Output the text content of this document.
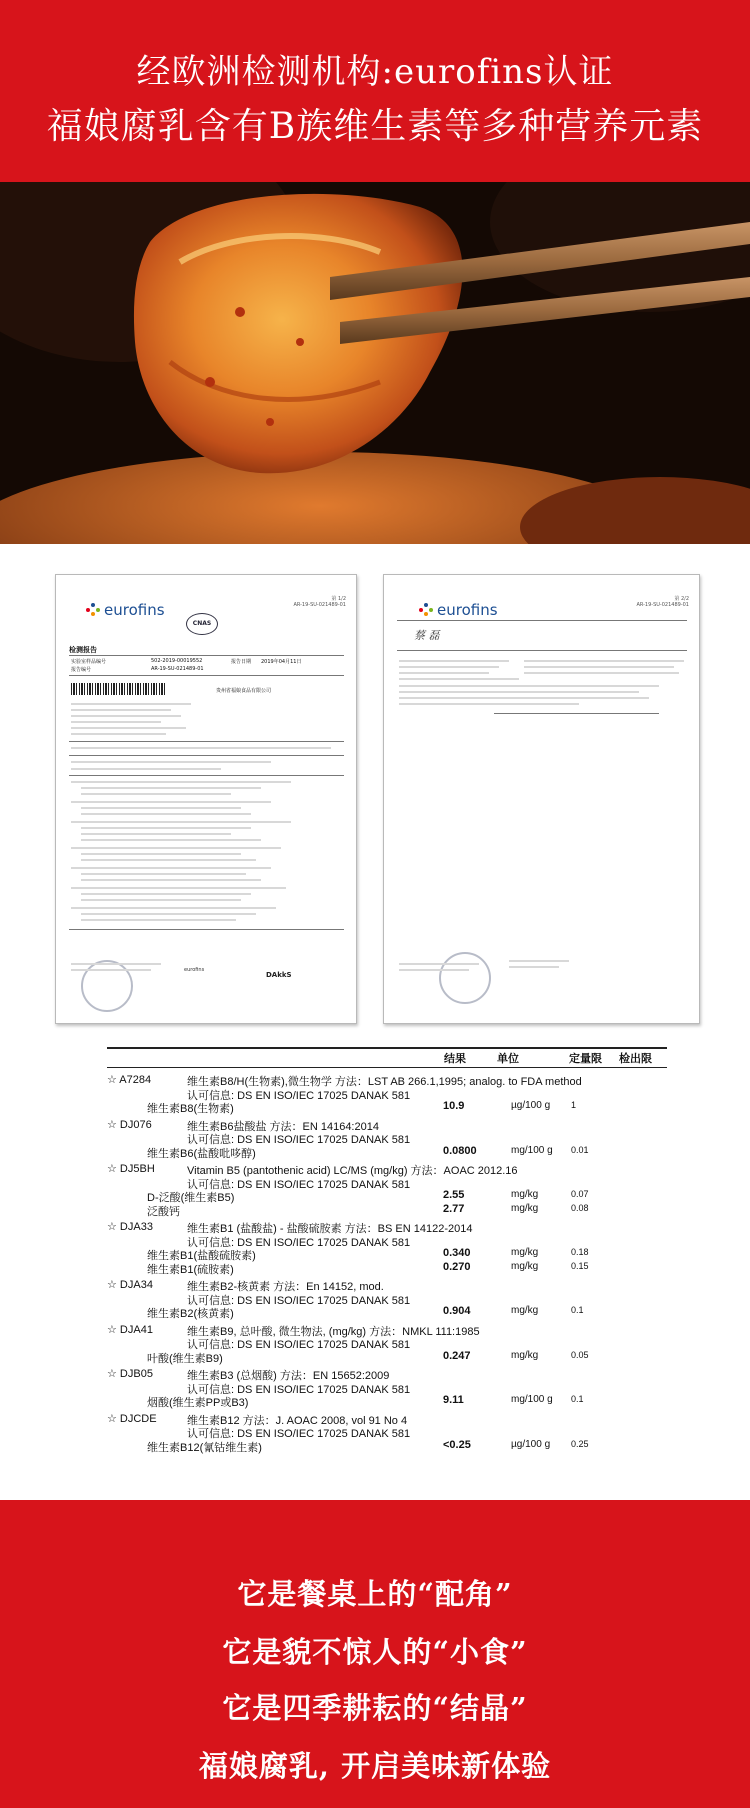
经欧洲检测机构:eurofins认证
福娘腐乳含有B族维生素等多种营养元素
eurofins
第 1/2
AR-19-SU-021489-01
CNAS
检测报告
实验室样品编号	502-2019-00019552	报告日期 2019年04月11日
报告编号	AR-19-SU-021489-01
贵州省福娘食品有限公司
eurofins
DAkkS
eurofins
第 2/2
AR-19-SU-021489-01
蔡 磊
结果	单位	定量限 检出限
☆ A7284	维生素B8/H(生物素),微生物学 方法：LST AB 266.1,1995; analog. to FDA method
认可信息: DS EN ISO/IEC 17025 DANAK 581
维生素B8(生物素)	10.9	µg/100 g 1
☆ DJ076	维生素B6盐酸盐 方法：EN 14164:2014
认可信息: DS EN ISO/IEC 17025 DANAK 581
维生素B6(盐酸吡哆醇)	0.0800	mg/100 g 0.01
☆ DJ5BH	Vitamin B5 (pantothenic acid) LC/MS (mg/kg) 方法：AOAC 2012.16
认可信息: DS EN ISO/IEC 17025 DANAK 581
D-泛酸(维生素B5)	2.55	mg/kg	0.07
泛酸钙	2.77	mg/kg	0.08
☆ DJA33	维生素B1 (盐酸盐) - 盐酸硫胺素 方法：BS EN 14122-2014
认可信息: DS EN ISO/IEC 17025 DANAK 581
维生素B1(盐酸硫胺素)	0.340	mg/kg	0.18
维生素B1(硫胺素)	0.270	mg/kg	0.15
☆ DJA34	维生素B2-核黄素 方法：En 14152, mod.
认可信息: DS EN ISO/IEC 17025 DANAK 581
维生素B2(核黄素)	0.904	mg/kg	0.1
☆ DJA41	维生素B9, 总叶酸, 微生物法, (mg/kg) 方法：NMKL 111:1985
认可信息: DS EN ISO/IEC 17025 DANAK 581
叶酸(维生素B9)	0.247	mg/kg	0.05
☆ DJB05	维生素B3 (总烟酸) 方法：EN 15652:2009
认可信息: DS EN ISO/IEC 17025 DANAK 581
烟酸(维生素PP或B3)	9.11	mg/100 g 0.1
☆ DJCDE	维生素B12 方法：J. AOAC 2008, vol 91 No 4
认可信息: DS EN ISO/IEC 17025 DANAK 581
维生素B12(氰钴维生素)	<0.25	µg/100 g 0.25
它是餐桌上的“配角”
它是貌不惊人的“小食”
它是四季耕耘的“结晶”
福娘腐乳, 开启美味新体验
